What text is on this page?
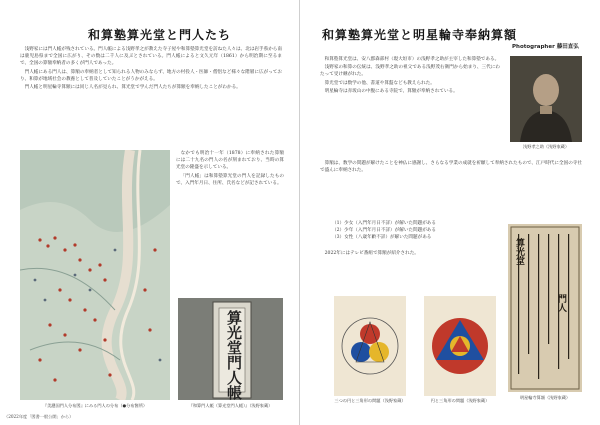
和算塾算光堂と門人たち

浅野家には門人帳が残されている。門人帳による浅野孝之が教えた寺子屋や和算塾算光堂を訪ねた人々は、北は岩手県から南は鹿児島県まで全国に広がり、その数は二千人に及ぶとされている。門人帳によると文久元年（1861）から明治期に至るまで、全国の算額奉納者の多くが門人であった。

門人帳にある門人は、算額の奉納者として知られる人物のみならず、地方の村役人・医師・僧侶など様々な階層に広がっており、和算が地域社会の教養として普及していたことがうかがえる。

門人帳と明星輪寺算額には同じ人名が見られ、算光堂で学んだ門人たちが算額を奉納したことがわかる。

なかでも明治十一年（1878）に奉納された算額には二十九名の門人の名が刻まれており、当時の算光堂の隆盛を示している。

「門人帳」は和算塾算光堂の門人を記録したもので、入門年月日、住所、氏名などが記されている。

算光堂門人帳
『美濃国門人分布図』にみる門人の分布（●分布箇所）	『和算門人帳（算光堂門人帳）』（浅野家蔵）
（2022年度「図書一般公開」から）
和算塾算光堂と明星輪寺奉納算額
Photographer 藤田直弘

和算塾算光堂は、安八郡森部村（現大垣市）の浅野孝之助が主宰した和算塾である。

浅野家の和算の伝統は、浅野孝之助の祖父である浅野茂右衛門から始まり、三代にわたって受け継がれた。

算光堂では数学の他、書道や算盤なども教えられた。

明星輪寺は赤坂山の中腹にある寺院で、算額が奉納されている。

浅野孝之助（浅野家蔵）

算額は、数学の問題が解けたことを神仏に感謝し、さらなる学業の成就を祈願して奉納されたもので、江戸時代に全国の寺社で盛んに奉納された。

（1）少女（入門年月日不詳）が解いた問題がある
（2）少年（入門年月日不詳）が解いた問題がある
（3）女性（八歳年齢不詳）が解いた問題がある

2022年にはテレビ番組で算額が紹介された。	算光堂
門人
明星輪寺算額（浅野家蔵）
三つの円と三角形の問題（浅野家蔵）	円と三角形の問題（浅野家蔵）
